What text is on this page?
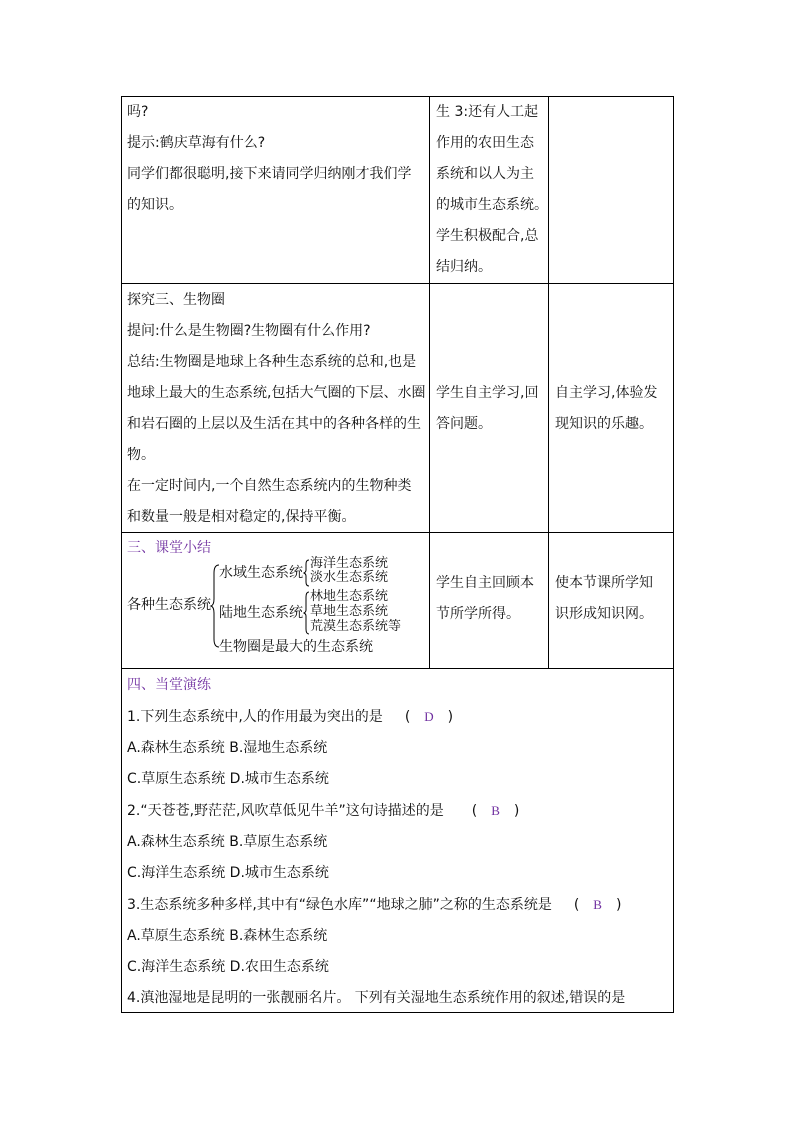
吗?

提示:鹤庆草海有什么?

同学们都很聪明,接下来请同学归纳刚才我们学

的知识。

生 3:还有人工起

作用的农田生态

系统和以人为主

的城市生态系统。

学生积极配合,总

结归纳。

探究三、生物圈

提问:什么是生物圈?生物圈有什么作用?

总结:生物圈是地球上各种生态系统的总和,也是

地球上最大的生态系统,包括大气圈的下层、水圈

和岩石圈的上层以及生活在其中的各种各样的生

物。

在一定时间内,一个自然生态系统内的生物种类

和数量一般是相对稳定的,保持平衡。

学生自主学习,回

答问题。

自主学习,体验发

现知识的乐趣。

三、课堂小结

各种生态系统
水域生态系统
海洋生态系统
淡水生态系统
陆地生态系统
林地生态系统
草地生态系统
荒漠生态系统等
生物圈是最大的生态系统

学生自主回顾本

节所学所得。

使本节课所学知

识形成知识网。

四、当堂演练

1.下列生态系统中,人的作用最为突出的是 ( D )

A.森林生态系统 B.湿地生态系统

C.草原生态系统 D.城市生态系统

2.“天苍苍,野茫茫,风吹草低见牛羊”这句诗描述的是 ( B )

A.森林生态系统 B.草原生态系统

C.海洋生态系统 D.城市生态系统

3.生态系统多种多样,其中有“绿色水库”“地球之肺”之称的生态系统是 ( B )

A.草原生态系统 B.森林生态系统

C.海洋生态系统 D.农田生态系统

4.滇池湿地是昆明的一张靓丽名片。 下列有关湿地生态系统作用的叙述,错误的是
